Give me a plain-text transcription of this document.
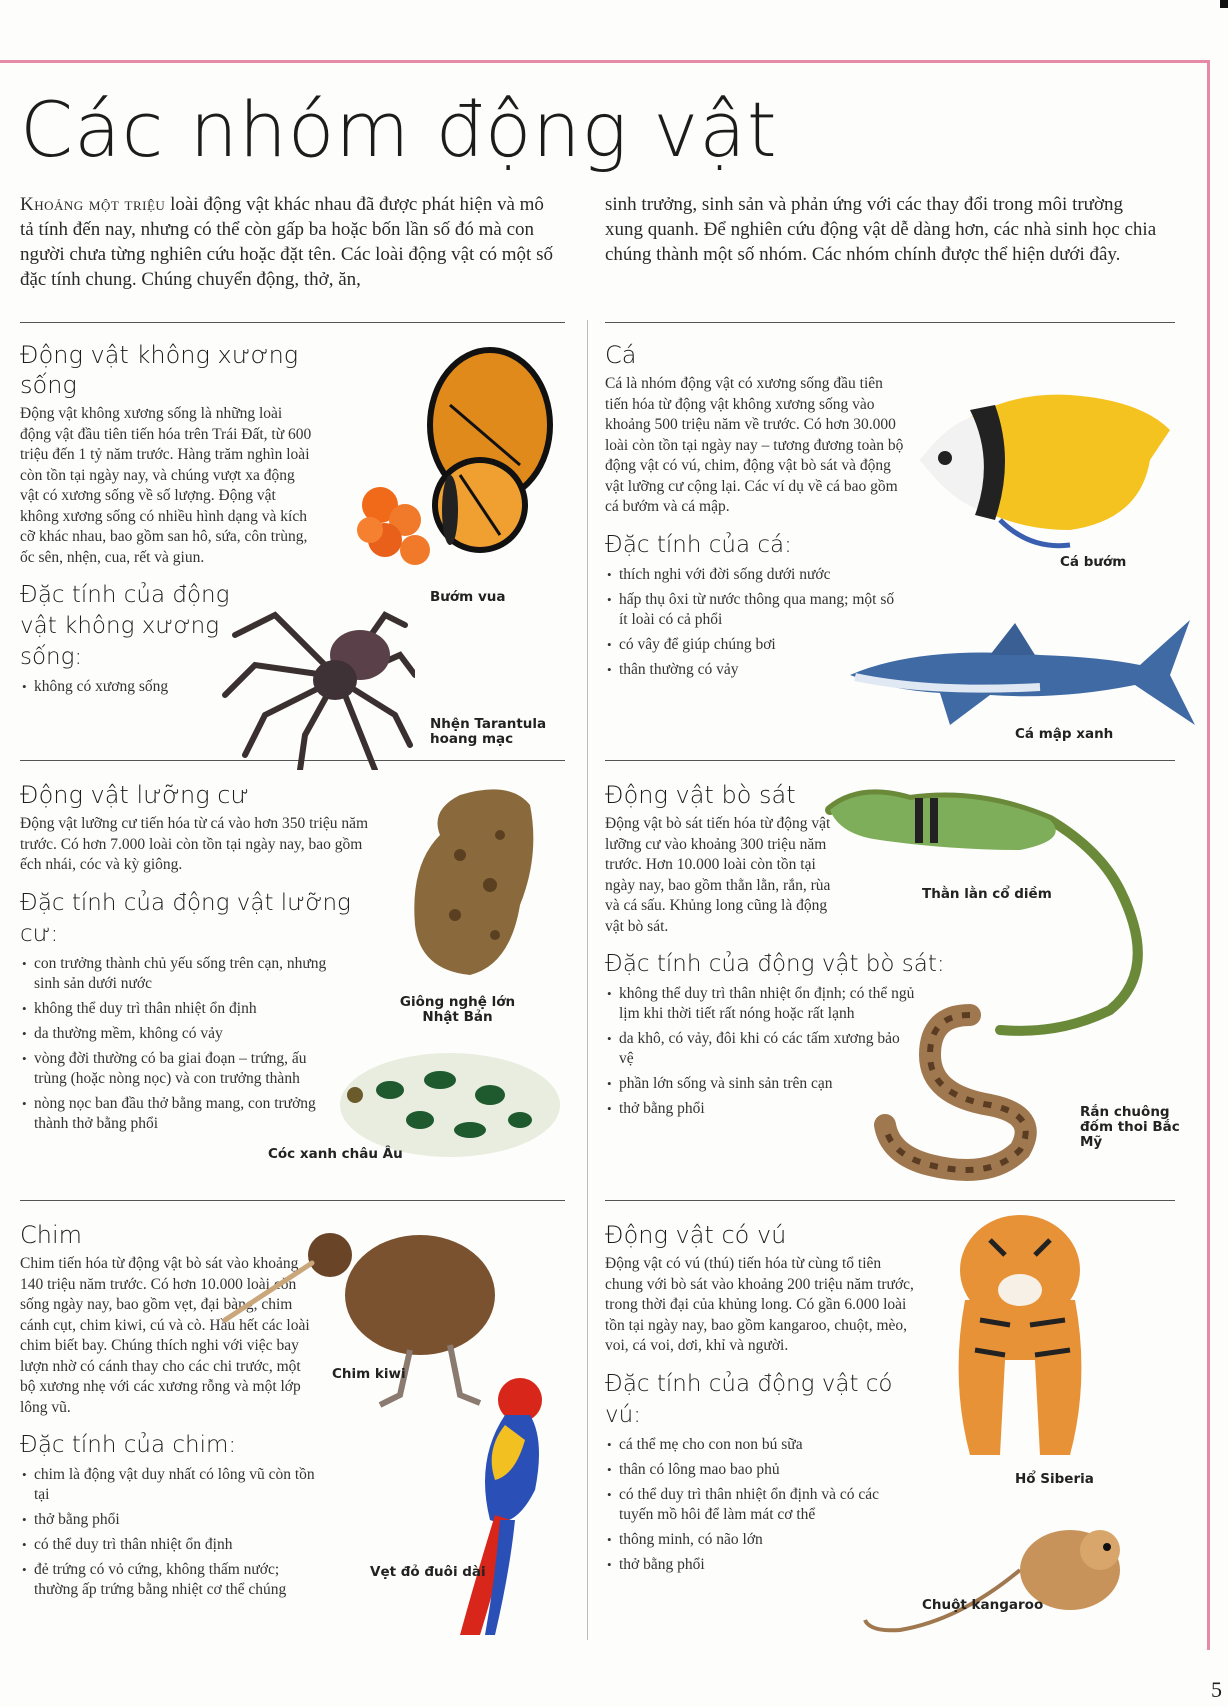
Các nhóm động vật
Khoảng một triệu loài động vật khác nhau đã được phát hiện và mô tả tính đến nay, nhưng có thể còn gấp ba hoặc bốn lần số đó mà con người chưa từng nghiên cứu hoặc đặt tên. Các loài động vật có một số đặc tính chung. Chúng chuyển động, thở, ăn,
sinh trưởng, sinh sản và phản ứng với các thay đổi trong môi trường xung quanh. Để nghiên cứu động vật dễ dàng hơn, các nhà sinh học chia chúng thành một số nhóm. Các nhóm chính được thể hiện dưới đây.
Động vật không xương sống

Động vật không xương sống là những loài động vật đầu tiên tiến hóa trên Trái Đất, từ 600 triệu đến 1 tỷ năm trước. Hàng trăm nghìn loài còn tồn tại ngày nay, và chúng vượt xa động vật có xương sống về số lượng. Động vật không xương sống có nhiều hình dạng và kích cỡ khác nhau, bao gồm san hô, sứa, côn trùng, ốc sên, nhện, cua, rết và giun.

Đặc tính của động vật không xương sống:
• không có xương sống
Bướm vua
Nhện Tarantula hoang mạc
Cá

Cá là nhóm động vật có xương sống đầu tiên tiến hóa từ động vật không xương sống vào khoảng 500 triệu năm về trước. Có hơn 30.000 loài còn tồn tại ngày nay – tương đương toàn bộ động vật có vú, chim, động vật bò sát và động vật lưỡng cư cộng lại. Các ví dụ về cá bao gồm cá bướm và cá mập.

Đặc tính của cá:
• thích nghi với đời sống dưới nước
• hấp thụ ôxi từ nước thông qua mang; một số ít loài có cả phổi
• có vây để giúp chúng bơi
• thân thường có vảy
Cá bướm
Cá mập xanh
Động vật lưỡng cư

Động vật lưỡng cư tiến hóa từ cá vào hơn 350 triệu năm trước. Có hơn 7.000 loài còn tồn tại ngày nay, bao gồm ếch nhái, cóc và kỳ giông.

Đặc tính của động vật lưỡng cư:
• con trưởng thành chủ yếu sống trên cạn, nhưng sinh sản dưới nước
• không thể duy trì thân nhiệt ổn định
• da thường mềm, không có vảy
• vòng đời thường có ba giai đoạn – trứng, ấu trùng (hoặc nòng nọc) và con trưởng thành
• nòng nọc ban đầu thở bằng mang, con trưởng thành thở bằng phổi
Giông nghệ lớn Nhật Bản
Cóc xanh châu Âu
Động vật bò sát

Động vật bò sát tiến hóa từ động vật lưỡng cư vào khoảng 300 triệu năm trước. Hơn 10.000 loài còn tồn tại ngày nay, bao gồm thằn lằn, rắn, rùa và cá sấu. Khủng long cũng là động vật bò sát.

Đặc tính của động vật bò sát:
• không thể duy trì thân nhiệt ổn định; có thể ngủ lịm khi thời tiết rất nóng hoặc rất lạnh
• da khô, có vảy, đôi khi có các tấm xương bảo vệ
• phần lớn sống và sinh sản trên cạn
• thở bằng phổi
Thằn lằn cổ diềm
Rắn chuông đốm thoi Bắc Mỹ
Chim

Chim tiến hóa từ động vật bò sát vào khoảng 140 triệu năm trước. Có hơn 10.000 loài còn sống ngày nay, bao gồm vẹt, đại bàng, chim cánh cụt, chim kiwi, cú và cò. Hầu hết các loài chim biết bay. Chúng thích nghi với việc bay lượn nhờ có cánh thay cho các chi trước, một bộ xương nhẹ với các xương rỗng và một lớp lông vũ.

Đặc tính của chim:
• chim là động vật duy nhất có lông vũ còn tồn tại
• thở bằng phổi
• có thể duy trì thân nhiệt ổn định
• đẻ trứng có vỏ cứng, không thấm nước; thường ấp trứng bằng nhiệt cơ thể chúng
Chim kiwi
Vẹt đỏ đuôi dài
Động vật có vú

Động vật có vú (thú) tiến hóa từ cùng tổ tiên chung với bò sát vào khoảng 200 triệu năm trước, trong thời đại của khủng long. Có gần 6.000 loài tồn tại ngày nay, bao gồm kangaroo, chuột, mèo, voi, cá voi, dơi, khỉ và người.

Đặc tính của động vật có vú:
• cá thể mẹ cho con non bú sữa
• thân có lông mao bao phủ
• có thể duy trì thân nhiệt ổn định và có các tuyến mồ hôi để làm mát cơ thể
• thông minh, có não lớn
• thở bằng phổi
Hổ Siberia
Chuột kangaroo
5
